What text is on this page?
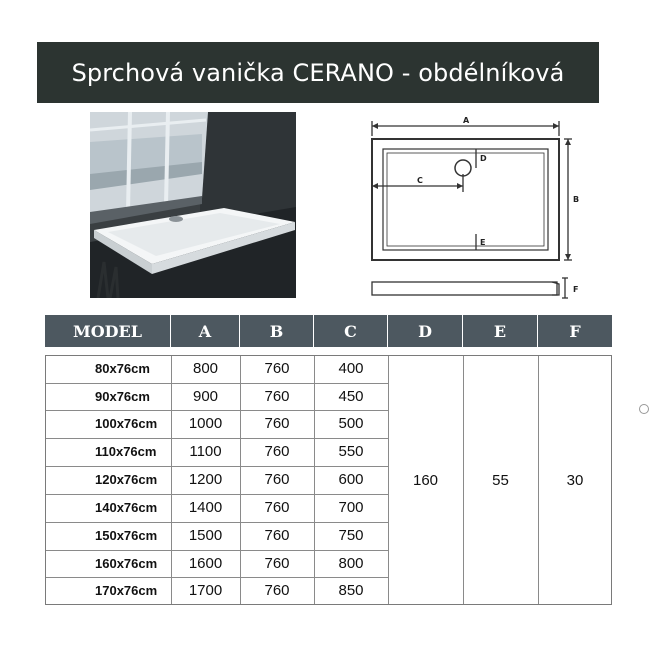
Sprchová vanička CERANO - obdélníková
A
C
D
E
B
F
MODEL	A	B	C	D	E	F
80x76cm	800	760	400
90x76cm	900	760	450
100x76cm	1000	760	500
110x76cm	1100	760	550
120x76cm	1200	760	600
140x76cm	1400	760	700
150x76cm	1500	760	750
160x76cm	1600	760	800
170x76cm	1700	760	850
160	55	30
